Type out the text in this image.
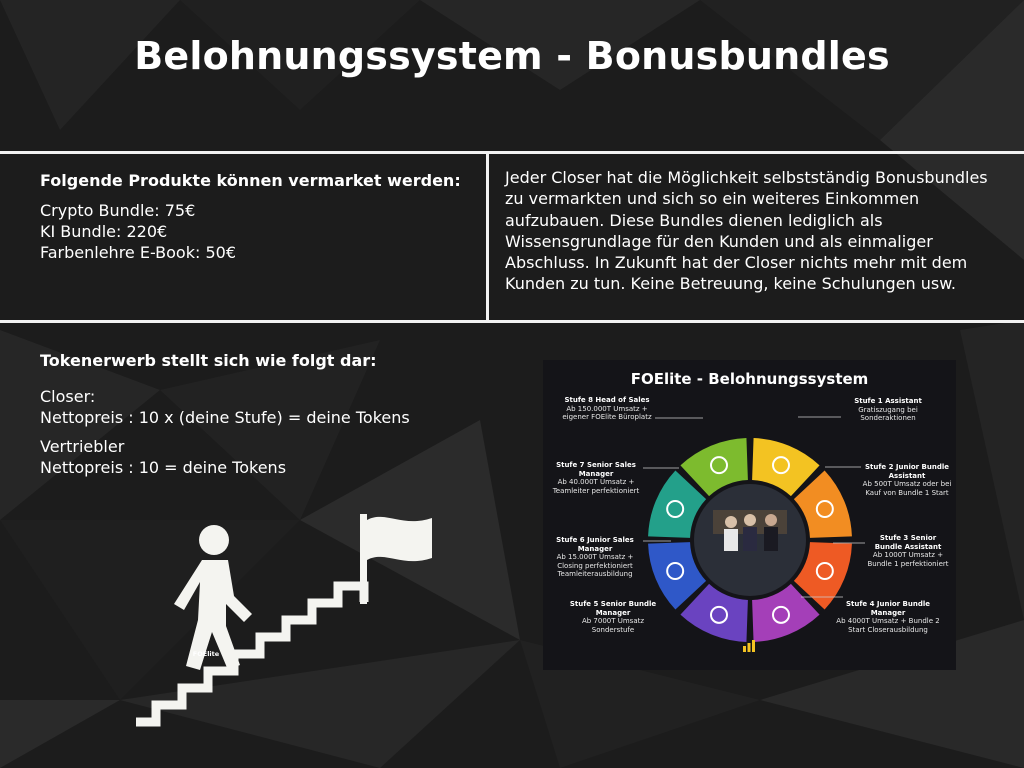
Belohnungssystem - Bonusbundles
Folgende Produkte können vermarket werden:
Crypto Bundle: 75€
KI Bundle: 220€
Farbenlehre E-Book: 50€
Jeder Closer hat die Möglichkeit selbstständig Bonusbundles zu vermarkten und sich so ein weiteres Einkommen aufzubauen. Diese Bundles dienen lediglich als Wissensgrundlage für den Kunden und als einmaliger Abschluss. In Zukunft hat der Closer nichts mehr mit dem Kunden zu tun. Keine Betreuung, keine Schulungen usw.
Tokenerwerb stellt sich wie folgt dar:
Closer:
Nettopreis : 10 x (deine Stufe) = deine Tokens
Vertriebler
Nettopreis : 10 = deine Tokens
FOElite - Belohnungssystem
Stufe 1 Assistant
Gratiszugang bei Sonderaktionen
Stufe 2 Junior Bundle Assistant
Ab 500T Umsatz oder bei Kauf von Bundle 1 Start
Stufe 3 Senior Bundle Assistant
Ab 1000T Umsatz + Bundle 1 perfektioniert
Stufe 4 Junior Bundle Manager
Ab 4000T Umsatz + Bundle 2 Start Closerausbildung
Stufe 5 Senior Bundle Manager
Ab 7000T Umsatz Sonderstufe
Stufe 6 Junior Sales Manager
Ab 15.000T Umsatz + Closing perfektioniert Teamleiterausbildung
Stufe 7 Senior Sales Manager
Ab 40.000T Umsatz + Teamleiter perfektioniert
Stufe 8 Head of Sales
Ab 150.000T Umsatz + eigener FOElite Büroplatz
FOElite
